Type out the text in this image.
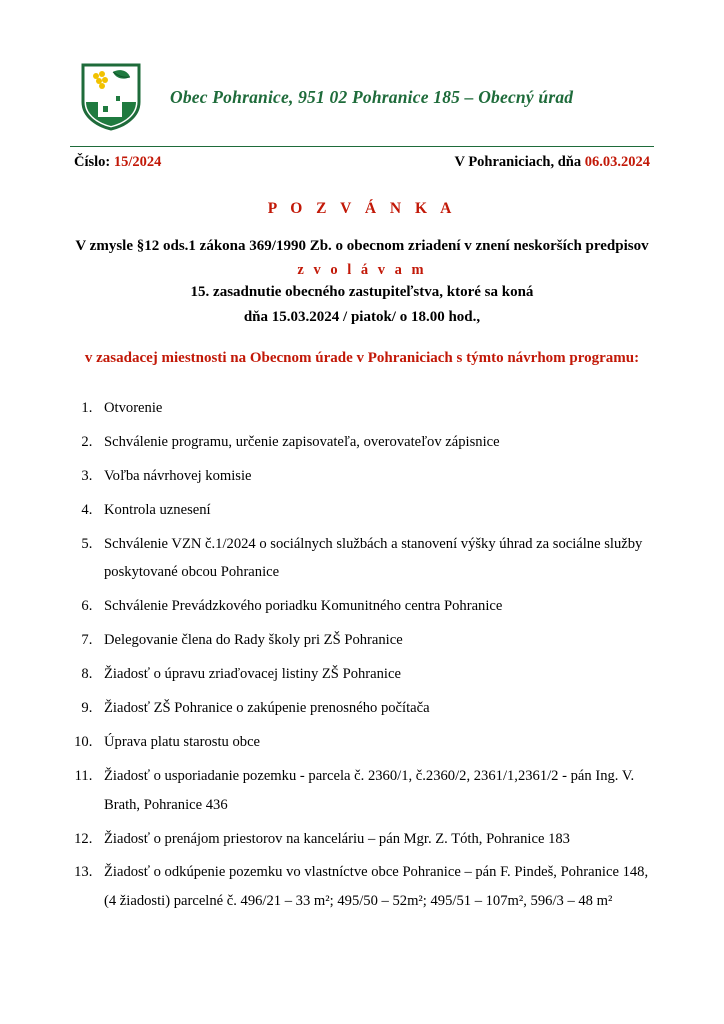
Obec Pohranice, 951 02 Pohranice 185 – Obecný úrad
Číslo: 15/2024	V Pohraniciach, dňa 06.03.2024
P O Z V Á N K A
V zmysle §12 ods.1 zákona 369/1990 Zb. o obecnom zriadení v znení neskorších predpisov
z v o l á v a m
15. zasadnutie obecného zastupiteľstva, ktoré sa koná
dňa 15.03.2024 / piatok/ o 18.00 hod.,
v zasadacej miestnosti na Obecnom úrade v Pohraniciach s týmto návrhom programu:
1. Otvorenie
2. Schválenie programu, určenie zapisovateľa, overovateľov zápisnice
3. Voľba návrhovej komisie
4. Kontrola uznesení
5. Schválenie VZN č.1/2024 o sociálnych službách a stanovení výšky úhrad za sociálne služby poskytované obcou Pohranice
6. Schválenie Prevádzkového poriadku Komunitného centra Pohranice
7. Delegovanie člena do Rady školy pri ZŠ Pohranice
8. Žiadosť o úpravu zriaďovacej listiny ZŠ Pohranice
9. Žiadosť ZŠ Pohranice o zakúpenie prenosného počítača
10. Úprava platu starostu obce
11. Žiadosť o usporiadanie pozemku - parcela č. 2360/1, č.2360/2, 2361/1,2361/2 - pán Ing. V. Brath, Pohranice 436
12. Žiadosť o prenájom priestorov na kanceláriu – pán Mgr. Z. Tóth, Pohranice 183
13. Žiadosť o odkúpenie pozemku vo vlastníctve obce Pohranice – pán F. Pindeš, Pohranice 148, (4 žiadosti) parcelné č. 496/21 – 33 m²; 495/50 – 52m²; 495/51 – 107m², 596/3 – 48 m²
